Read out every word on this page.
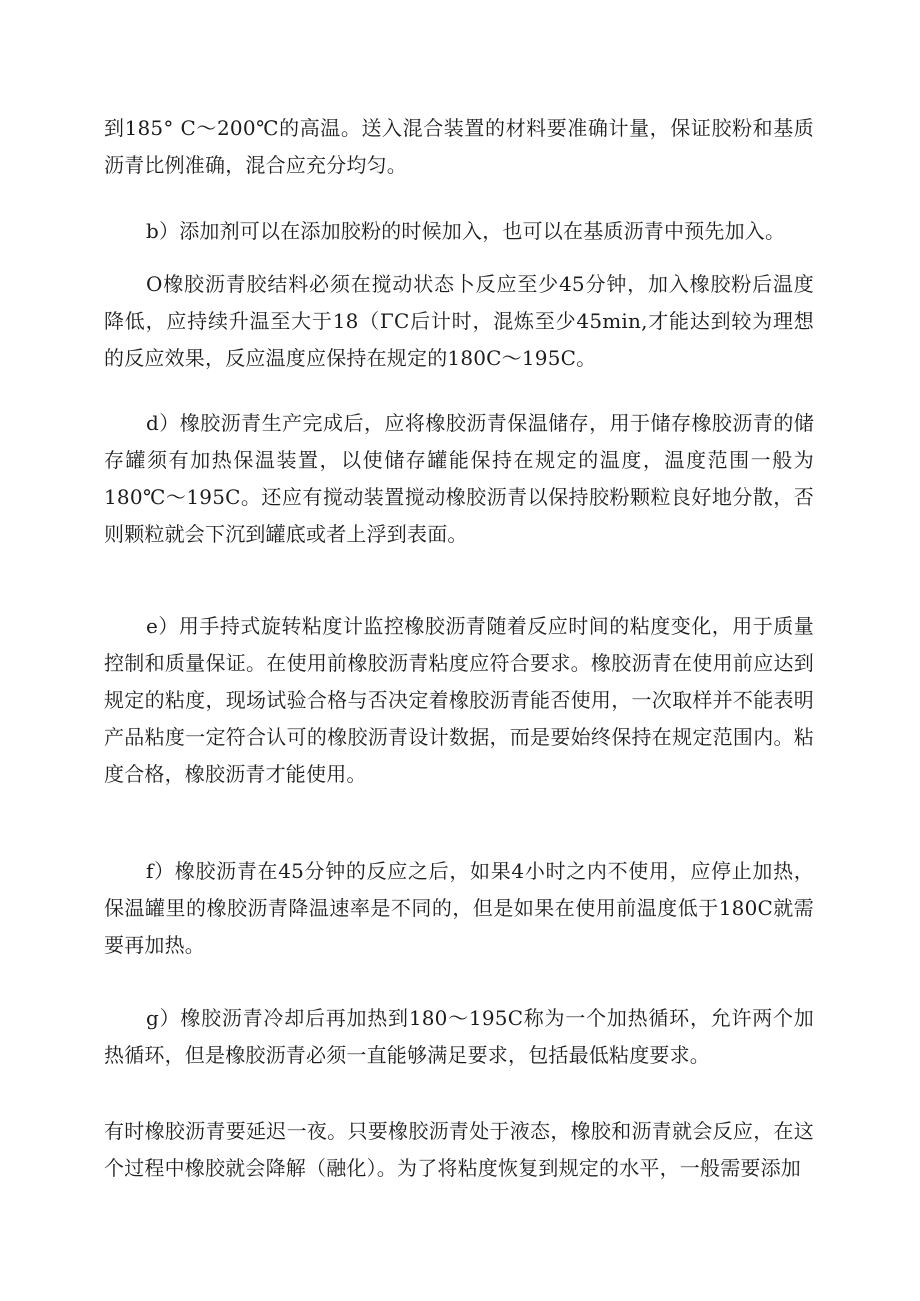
到185° C～200℃的高温。送入混合装置的材料要准确计量，保证胶粉和基质沥青比例准确，混合应充分均匀。

b）添加剂可以在添加胶粉的时候加入，也可以在基质沥青中预先加入。

O橡胶沥青胶结料必须在搅动状态卜反应至少45分钟，加入橡胶粉后温度降低，应持续升温至大于18（ΓC后计时，混炼至少45min,才能达到较为理想的反应效果，反应温度应保持在规定的180C～195C。

d）橡胶沥青生产完成后，应将橡胶沥青保温储存，用于储存橡胶沥青的储存罐须有加热保温装置，以使储存罐能保持在规定的温度，温度范围一般为180℃～195C。还应有搅动装置搅动橡胶沥青以保持胶粉颗粒良好地分散，否则颗粒就会下沉到罐底或者上浮到表面。

e）用手持式旋转粘度计监控橡胶沥青随着反应时间的粘度变化，用于质量控制和质量保证。在使用前橡胶沥青粘度应符合要求。橡胶沥青在使用前应达到规定的粘度，现场试验合格与否决定着橡胶沥青能否使用，一次取样并不能表明产品粘度一定符合认可的橡胶沥青设计数据，而是要始终保持在规定范围内。粘度合格，橡胶沥青才能使用。

f）橡胶沥青在45分钟的反应之后，如果4小时之内不使用，应停止加热，保温罐里的橡胶沥青降温速率是不同的，但是如果在使用前温度低于180C就需要再加热。

g）橡胶沥青冷却后再加热到180～195C称为一个加热循环，允许两个加热循环，但是橡胶沥青必须一直能够满足要求，包括最低粘度要求。

有时橡胶沥青要延迟一夜。只要橡胶沥青处于液态，橡胶和沥青就会反应，在这个过程中橡胶就会降解（融化）。为了将粘度恢复到规定的水平，一般需要添加
